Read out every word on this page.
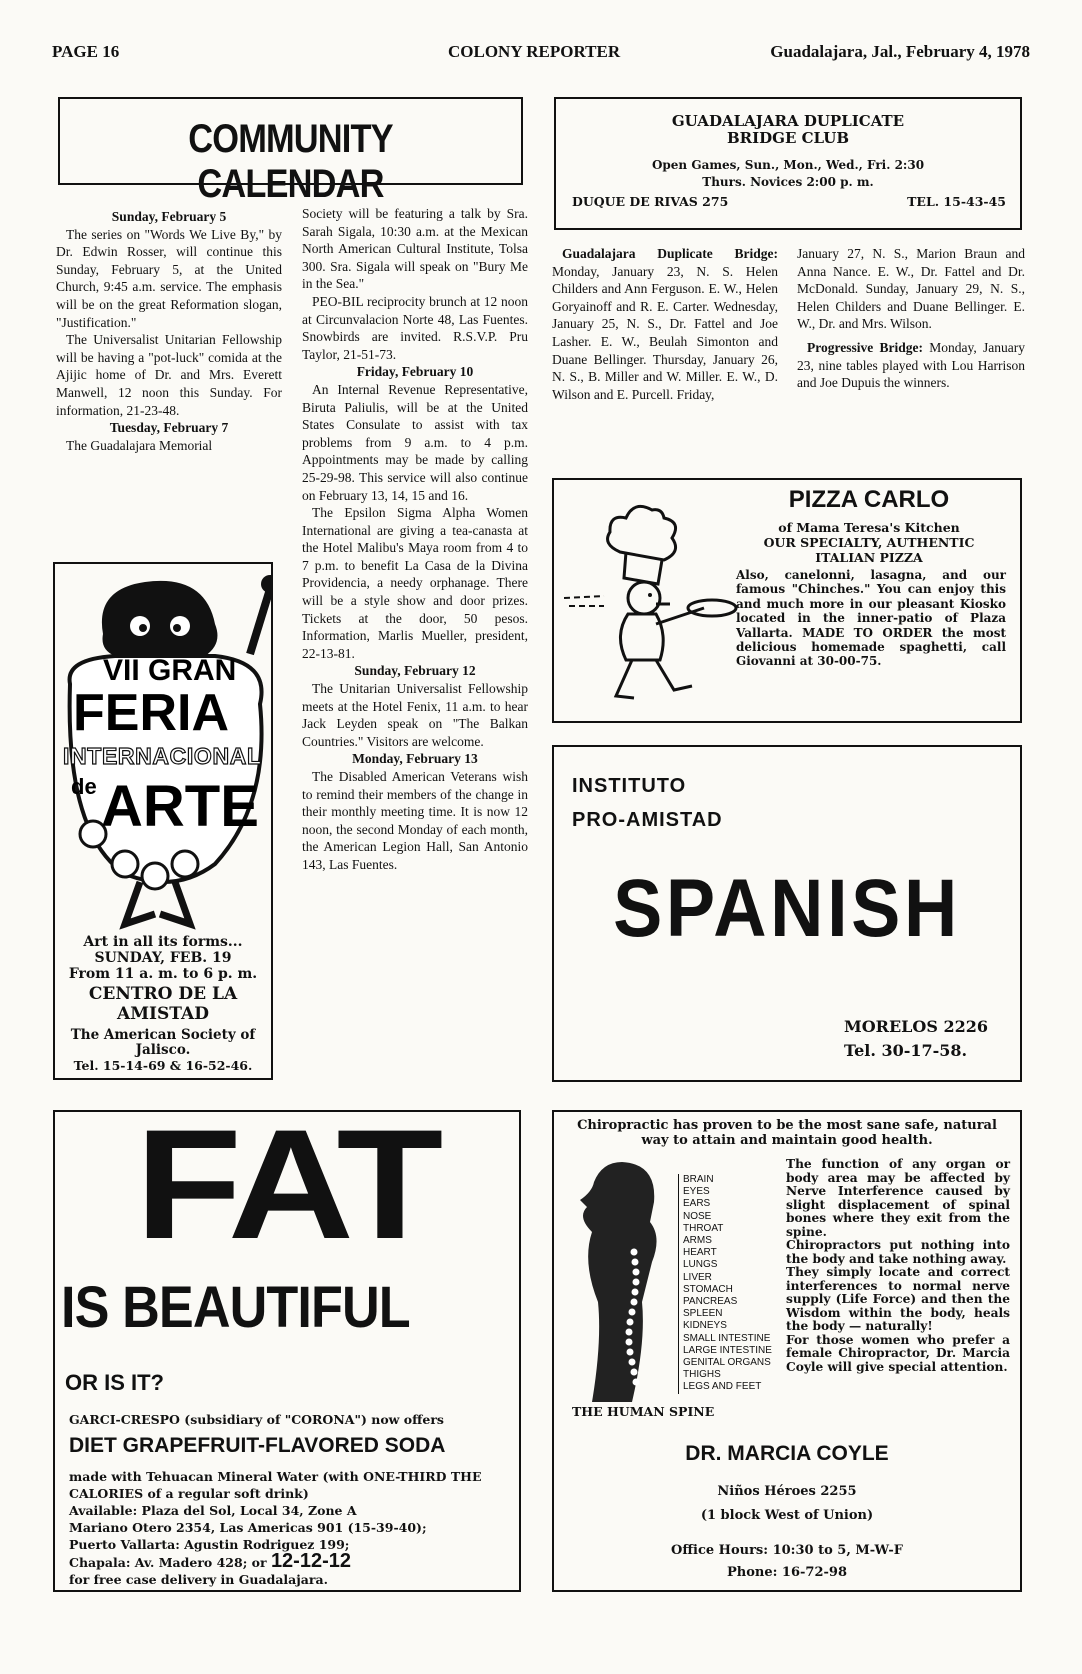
PAGE 16	COLONY REPORTER	Guadalajara, Jal., February 4, 1978
COMMUNITY CALENDAR

Sunday, February 5

The series on "Words We Live By," by Dr. Edwin Rosser, will continue this Sunday, February 5, at the United Church, 9:45 a.m. service. The emphasis will be on the great Reformation slogan, "Justification."

The Universalist Unitarian Fellowship will be having a "pot-luck" comida at the Ajijic home of Dr. and Mrs. Everett Manwell, 12 noon this Sunday. For information, 21-23-48.

Tuesday, February 7

The Guadalajara Memorial

Society will be featuring a talk by Sra. Sarah Sigala, 10:30 a.m. at the Mexican North American Cultural Institute, Tolsa 300. Sra. Sigala will speak on "Bury Me in the Sea."

PEO-BIL reciprocity brunch at 12 noon at Circunvalacion Norte 48, Las Fuentes. Snowbirds are invited. R.S.V.P. Pru Taylor, 21-51-73.

Friday, February 10

An Internal Revenue Representative, Biruta Paliulis, will be at the United States Consulate to assist with tax problems from 9 a.m. to 4 p.m. Appointments may be made by calling 25-29-98. This service will also continue on February 13, 14, 15 and 16.

The Epsilon Sigma Alpha Women International are giving a tea-canasta at the Hotel Malibu's Maya room from 4 to 7 p.m. to benefit La Casa de la Divina Providencia, a needy orphanage. There will be a style show and door prizes. Tickets at the door, 50 pesos. Information, Marlis Mueller, president, 22-13-81.

Sunday, February 12

The Unitarian Universalist Fellowship meets at the Hotel Fenix, 11 a.m. to hear Jack Leyden speak on "The Balkan Countries." Visitors are welcome.

Monday, February 13

The Disabled American Veterans wish to remind their members of the change in their monthly meeting time. It is now 12 noon, the second Monday of each month, the American Legion Hall, San Antonio 143, Las Fuentes.

VII GRAN
FERIA
INTERNACIONAL
de ARTE
Art in all its forms...
SUNDAY, FEB. 19
From 11 a. m. to 6 p. m.
CENTRO DE LA
AMISTAD
The American Society of Jalisco.
Tel. 15-14-69 & 16-52-46.
GUADALAJARA DUPLICATE
BRIDGE CLUB
Open Games, Sun., Mon., Wed., Fri. 2:30
Thurs. Novices 2:00 p. m.
DUQUE DE RIVAS 275	TEL. 15-43-45

Guadalajara Duplicate Bridge: Monday, January 23, N. S. Helen Childers and Ann Ferguson. E. W., Helen Goryainoff and R. E. Carter. Wednesday, January 25, N. S., Dr. Fattel and Joe Lasher. E. W., Beulah Simonton and Duane Bellinger. Thursday, January 26, N. S., B. Miller and W. Miller. E. W., D. Wilson and E. Purcell. Friday,

January 27, N. S., Marion Braun and Anna Nance. E. W., Dr. Fattel and Dr. McDonald. Sunday, January 29, N. S., Helen Childers and Duane Bellinger. E. W., Dr. and Mrs. Wilson.

Progressive Bridge: Monday, January 23, nine tables played with Lou Harrison and Joe Dupuis the winners.

PIZZA CARLO
of Mama Teresa's Kitchen
OUR SPECIALTY, AUTHENTIC
ITALIAN PIZZA
Also, canelonni, lasagna, and our famous "Chinches." You can enjoy this and much more in our pleasant Kiosko located in the inner-patio of Plaza Vallarta. MADE TO ORDER the most delicious homemade spaghetti, call Giovanni at 30-00-75.
INSTITUTO
PRO-AMISTAD
SPANISH
MORELOS 2226
Tel. 30-17-58.
FAT
IS BEAUTIFUL
OR IS IT?
GARCI-CRESPO (subsidiary of "CORONA") now offers
DIET GRAPEFRUIT-FLAVORED SODA
made with Tehuacan Mineral Water (with ONE-THIRD THE CALORIES of a regular soft drink)
Available: Plaza del Sol, Local 34, Zone A
Mariano Otero 2354, Las Americas 901 (15-39-40);
Puerto Vallarta: Agustin Rodriguez 199;
Chapala: Av. Madero 428; or 12-12-12
for free case delivery in Guadalajara.
Chiropractic has proven to be the most sane safe, natural way to attain and maintain good health.
BRAIN
EYES
EARS
NOSE
THROAT
ARMS
HEART
LUNGS
LIVER
STOMACH
PANCREAS
SPLEEN
KIDNEYS
SMALL INTESTINE
LARGE INTESTINE
GENITAL ORGANS
THIGHS
LEGS AND FEET
THE HUMAN SPINE
The function of any organ or body area may be affected by Nerve Interference caused by slight displacement of spinal bones where they exit from the spine.
Chiropractors put nothing into the body and take nothing away.
They simply locate and correct interferences to normal nerve supply (Life Force) and then the Wisdom within the body, heals the body — naturally!
For those women who prefer a female Chiropractor, Dr. Marcia Coyle will give special attention.
DR. MARCIA COYLE
Niños Héroes 2255
(1 block West of Union)
Office Hours: 10:30 to 5, M-W-F
Phone: 16-72-98
